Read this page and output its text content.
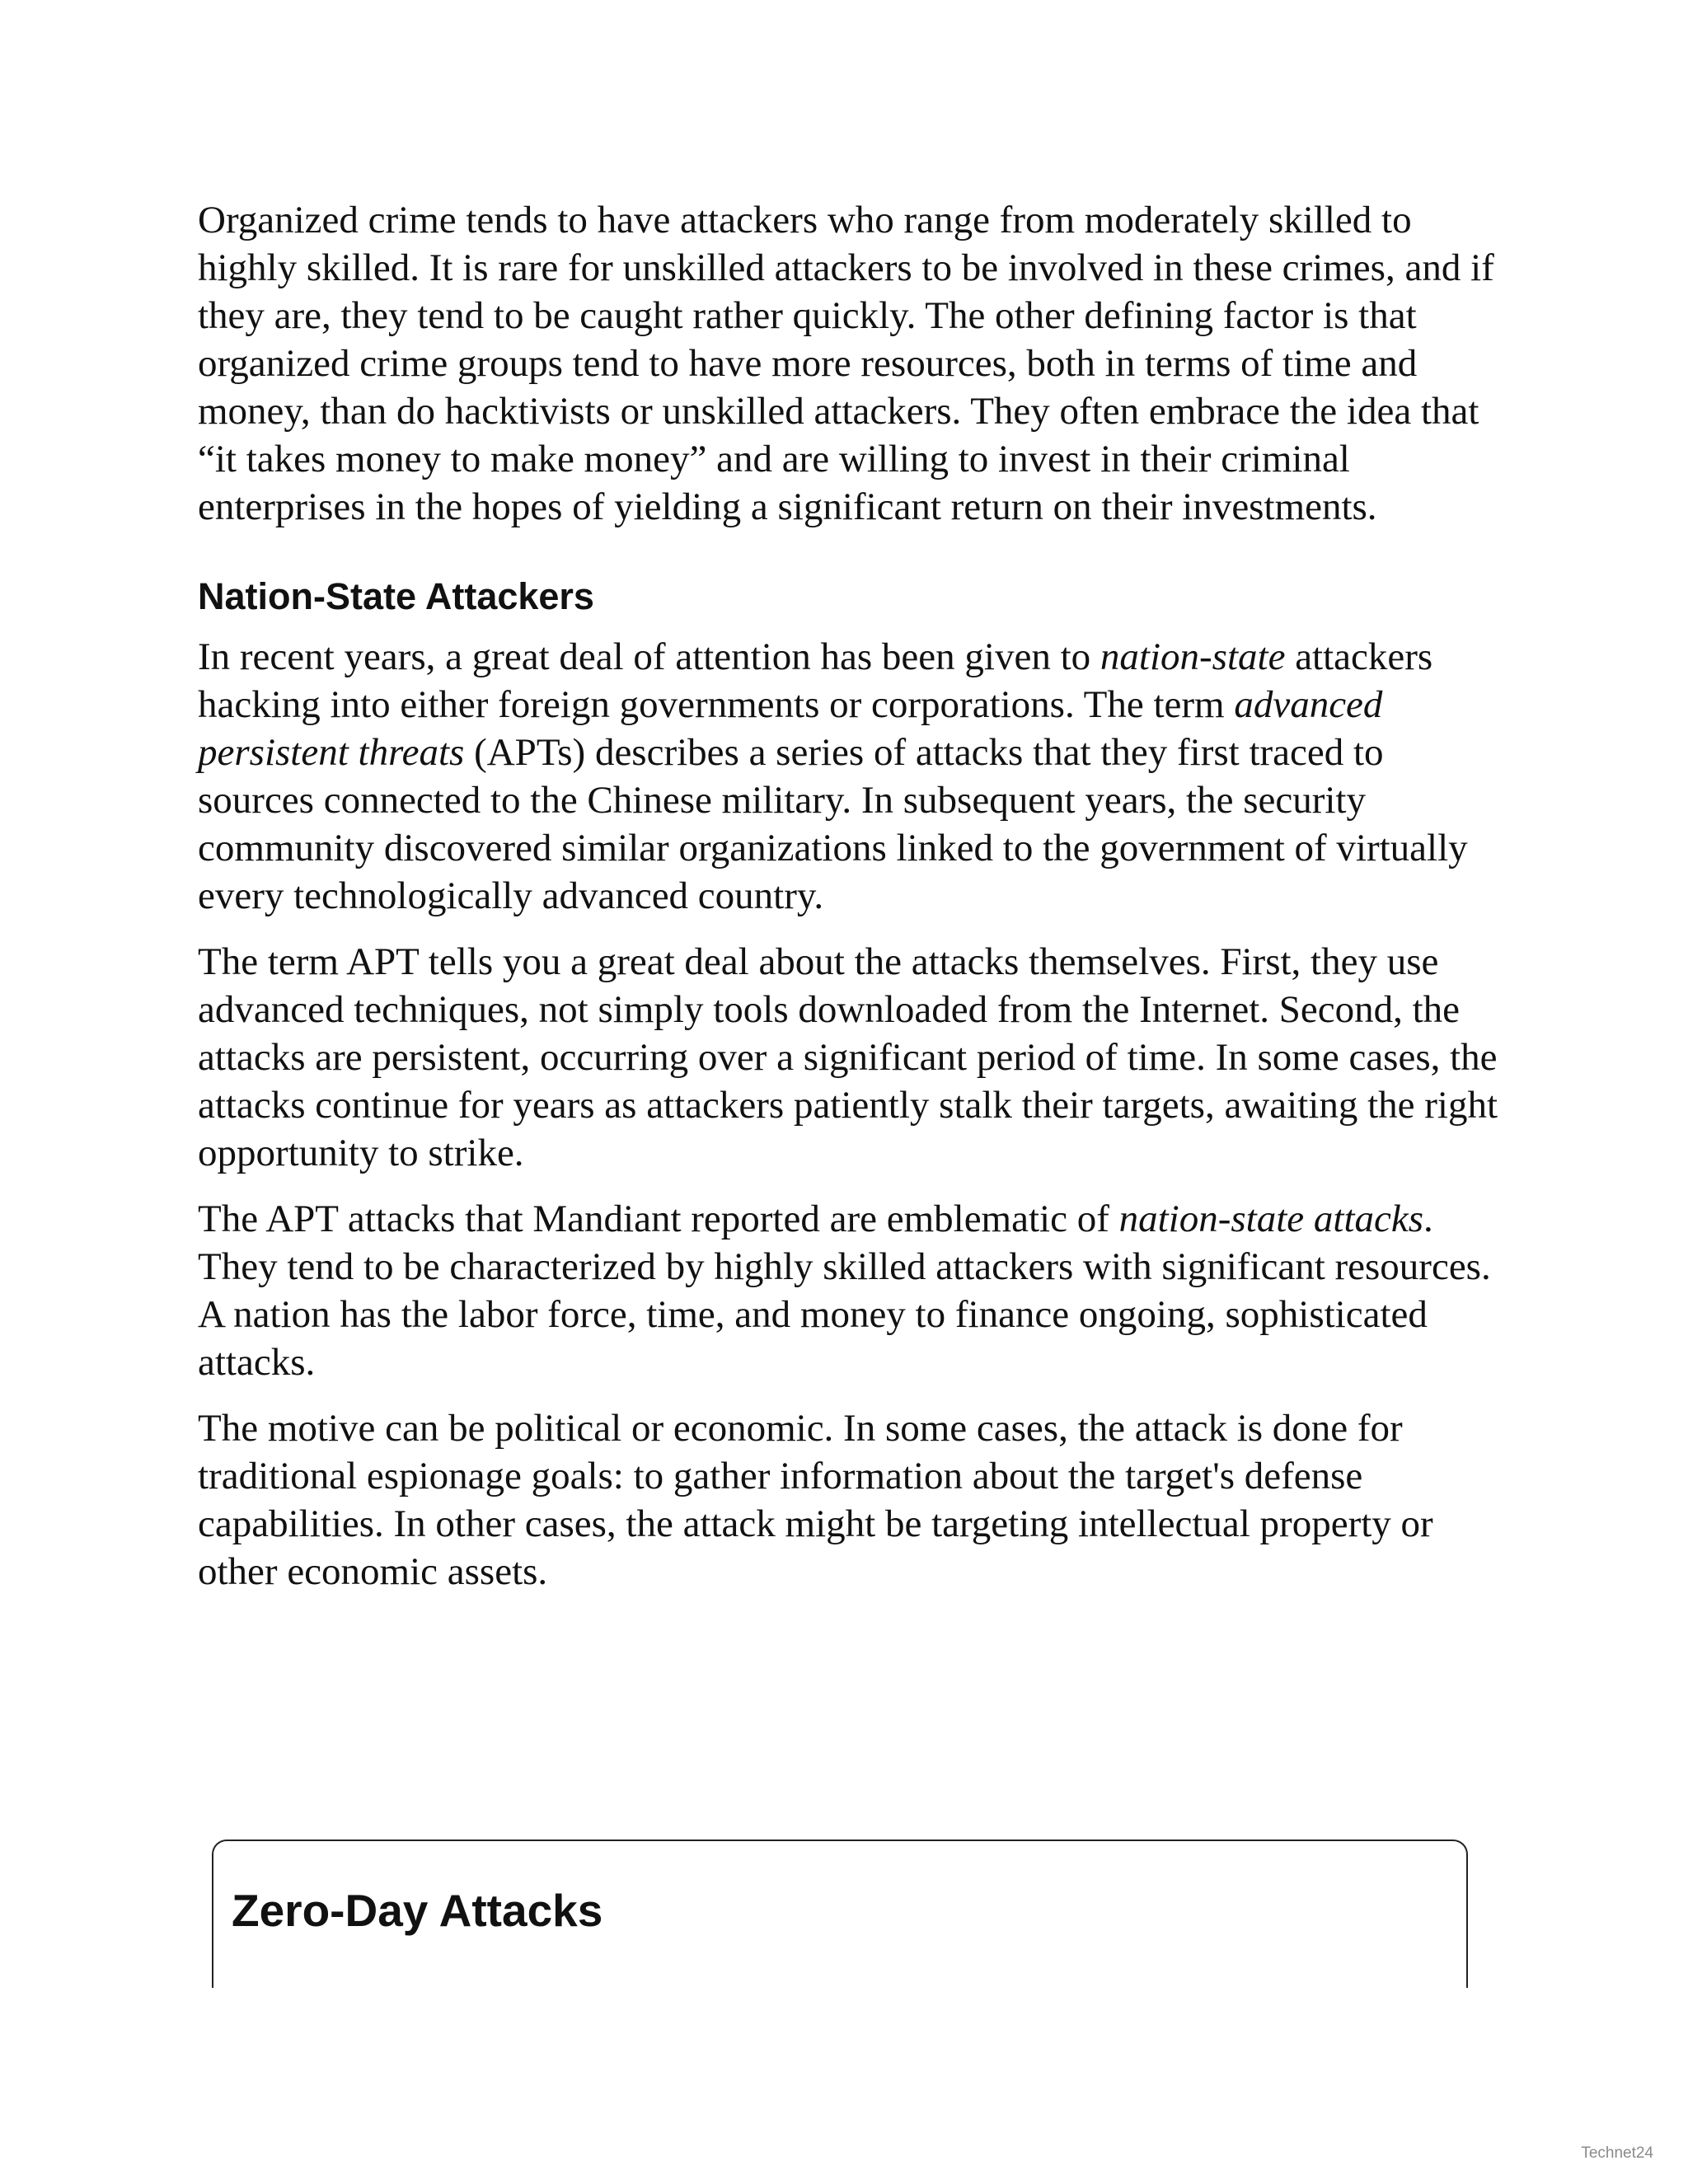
Organized crime tends to have attackers who range from moderately skilled to highly skilled. It is rare for unskilled attackers to be involved in these crimes, and if they are, they tend to be caught rather quickly. The other defining factor is that organized crime groups tend to have more resources, both in terms of time and money, than do hacktivists or unskilled attackers. They often embrace the idea that “it takes money to make money” and are willing to invest in their criminal enterprises in the hopes of yielding a significant return on their investments.

Nation-State Attackers

In recent years, a great deal of attention has been given to nation-state attackers hacking into either foreign governments or corporations. The term advanced persistent threats (APTs) describes a series of attacks that they first traced to sources connected to the Chinese military. In subsequent years, the security community discovered similar organizations linked to the government of virtually every technologically advanced country.

The term APT tells you a great deal about the attacks themselves. First, they use advanced techniques, not simply tools downloaded from the Internet. Second, the attacks are persistent, occurring over a significant period of time. In some cases, the attacks continue for years as attackers patiently stalk their targets, awaiting the right opportunity to strike.

The APT attacks that Mandiant reported are emblematic of nation-state attacks. They tend to be characterized by highly skilled attackers with significant resources. A nation has the labor force, time, and money to finance ongoing, sophisticated attacks.

The motive can be political or economic. In some cases, the attack is done for traditional espionage goals: to gather information about the target's defense capabilities. In other cases, the attack might be targeting intellectual property or other economic assets.

Zero-Day Attacks
Technet24
